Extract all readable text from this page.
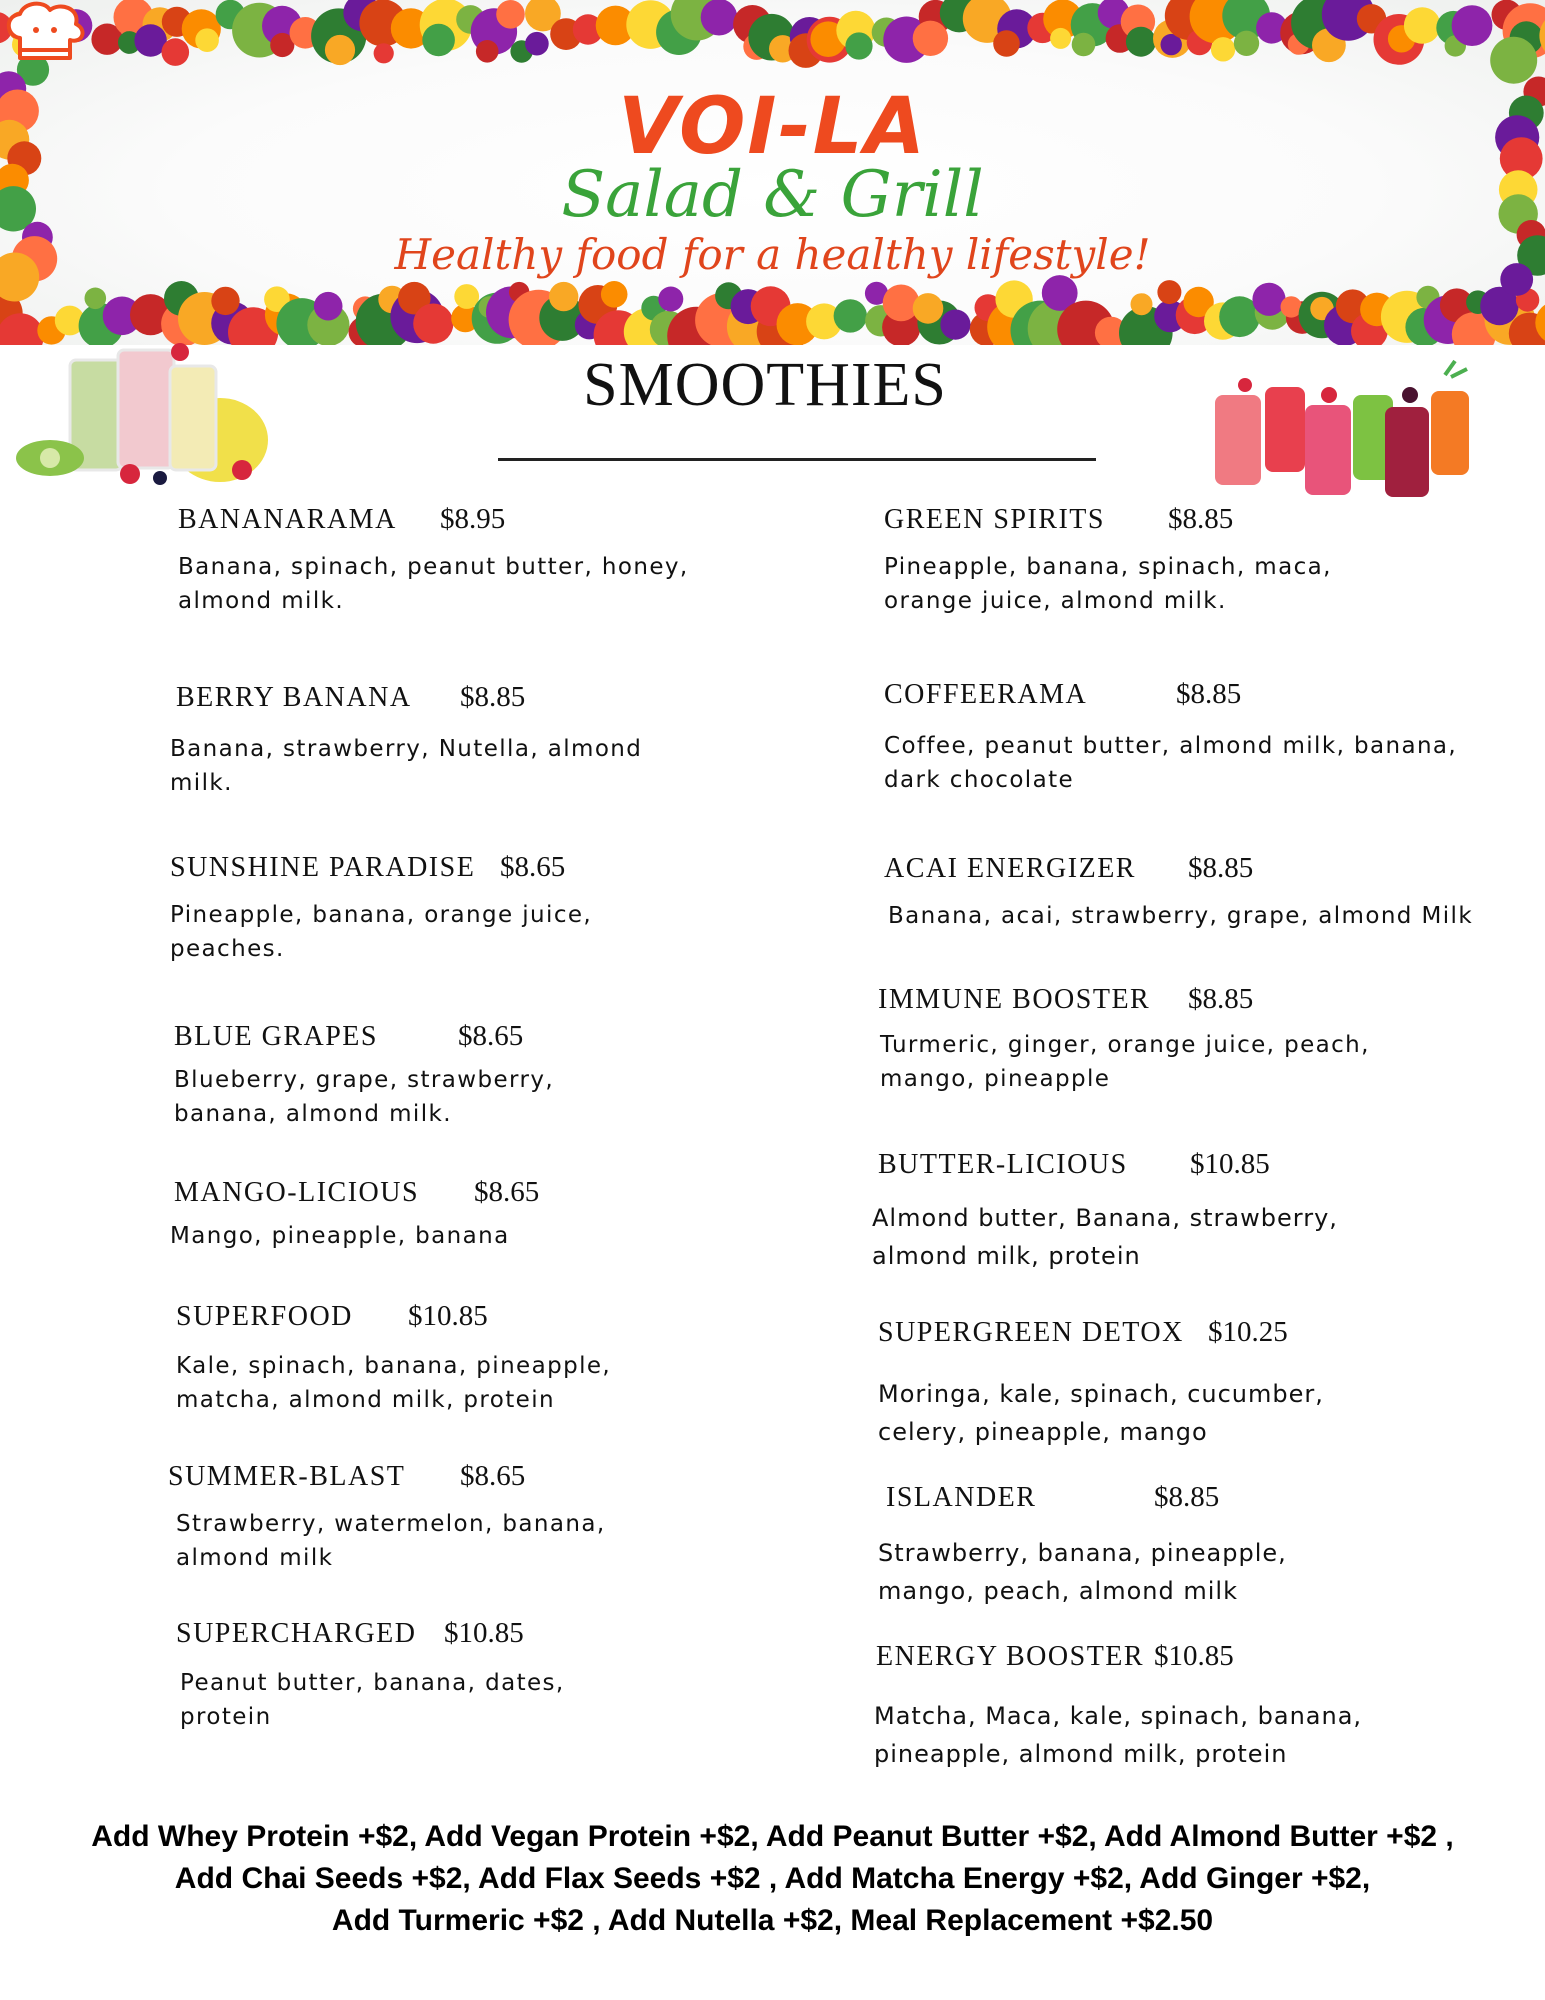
VOI-LA
Salad & Grill
Healthy food for a healthy lifestyle!
SMOOTHIES
BANANARAMA $8.95
Banana, spinach, peanut butter, honey,
almond milk.
BERRY BANANA $8.85
Banana, strawberry, Nutella, almond
milk.
SUNSHINE PARADISE $8.65
Pineapple, banana, orange juice,
peaches.
BLUE GRAPES	$8.65
Blueberry, grape, strawberry,
banana, almond milk.
MANGO-LICIOUS $8.65
Mango, pineapple, banana
SUPERFOOD $10.85
Kale, spinach, banana, pineapple,
matcha, almond milk, protein
SUMMER-BLAST $8.65
Strawberry, watermelon, banana,
almond milk
SUPERCHARGED $10.85
Peanut butter, banana, dates,
protein
GREEN SPIRITS $8.85
Pineapple, banana, spinach, maca,
orange juice, almond milk.
COFFEERAMA	$8.85
Coffee, peanut butter, almond milk, banana,
dark chocolate
ACAI ENERGIZER $8.85
Banana, acai, strawberry, grape, almond Milk
IMMUNE BOOSTER $8.85
Turmeric, ginger, orange juice, peach,
mango, pineapple
BUTTER-LICIOUS $10.85
Almond butter, Banana, strawberry,
almond milk, protein
SUPERGREEN DETOX $10.25
Moringa, kale, spinach, cucumber,
celery, pineapple, mango
ISLANDER	$8.85
Strawberry, banana, pineapple,
mango, peach, almond milk
ENERGY BOOSTER $10.85
Matcha, Maca, kale, spinach, banana,
pineapple, almond milk, protein
Add Whey Protein +$2, Add Vegan Protein +$2, Add Peanut Butter +$2, Add Almond Butter +$2 ,
Add Chai Seeds +$2, Add Flax Seeds +$2 , Add Matcha Energy +$2, Add Ginger +$2,
Add Turmeric +$2 , Add Nutella +$2, Meal Replacement +$2.50
